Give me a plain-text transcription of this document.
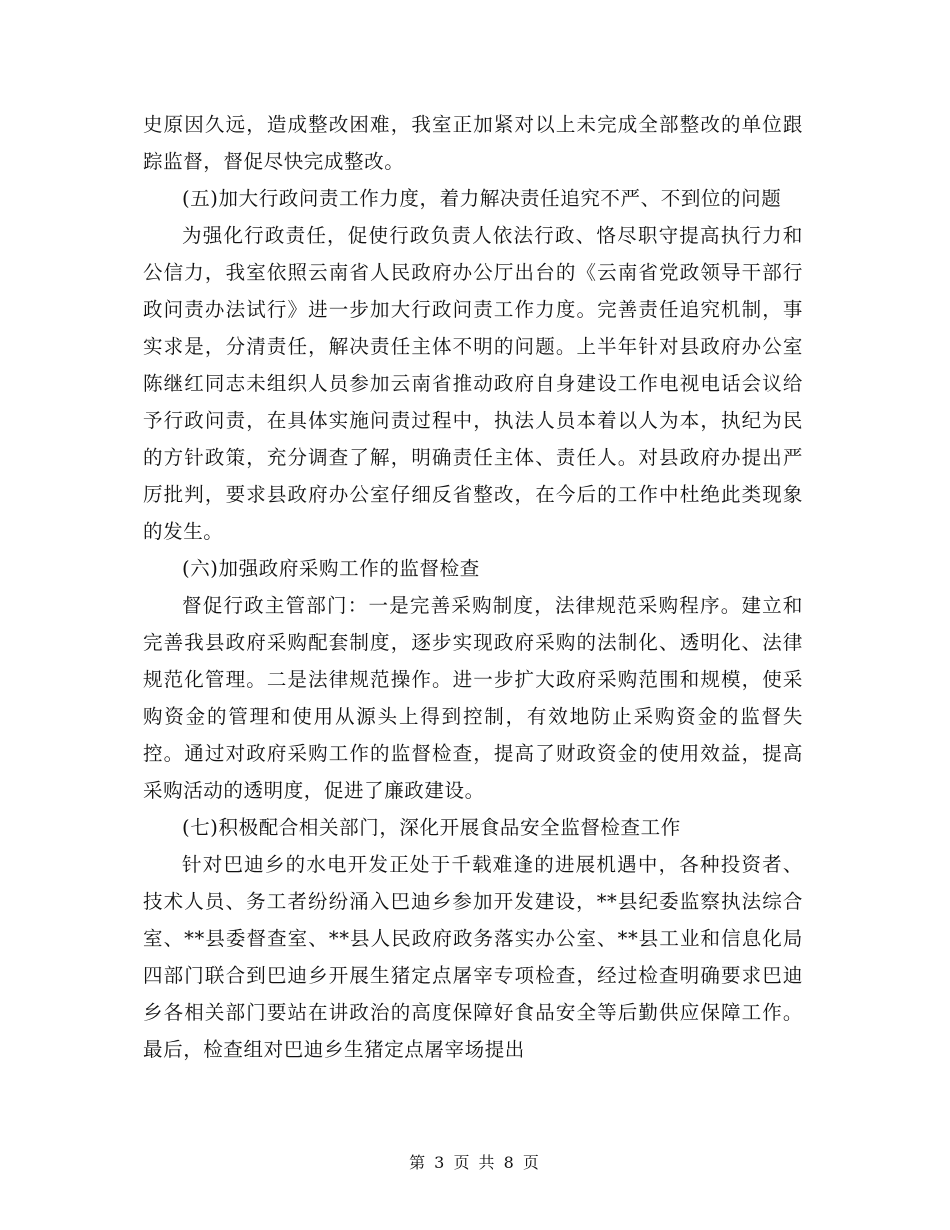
史原因久远，造成整改困难，我室正加紧对以上未完成全部整改的单位跟踪监督，督促尽快完成整改。

(五)加大行政问责工作力度，着力解决责任追究不严、不到位的问题

为强化行政责任，促使行政负责人依法行政、恪尽职守提高执行力和公信力，我室依照云南省人民政府办公厅出台的《云南省党政领导干部行政问责办法试行》进一步加大行政问责工作力度。完善责任追究机制，事实求是，分清责任，解决责任主体不明的问题。上半年针对县政府办公室陈继红同志未组织人员参加云南省推动政府自身建设工作电视电话会议给予行政问责，在具体实施问责过程中，执法人员本着以人为本，执纪为民的方针政策，充分调查了解，明确责任主体、责任人。对县政府办提出严厉批判，要求县政府办公室仔细反省整改，在今后的工作中杜绝此类现象的发生。

(六)加强政府采购工作的监督检查

督促行政主管部门：一是完善采购制度，法律规范采购程序。建立和完善我县政府采购配套制度，逐步实现政府采购的法制化、透明化、法律规范化管理。二是法律规范操作。进一步扩大政府采购范围和规模，使采购资金的管理和使用从源头上得到控制，有效地防止采购资金的监督失控。通过对政府采购工作的监督检查，提高了财政资金的使用效益，提高采购活动的透明度，促进了廉政建设。

(七)积极配合相关部门，深化开展食品安全监督检查工作

针对巴迪乡的水电开发正处于千载难逢的进展机遇中，各种投资者、技术人员、务工者纷纷涌入巴迪乡参加开发建设，**县纪委监察执法综合室、**县委督查室、**县人民政府政务落实办公室、**县工业和信息化局四部门联合到巴迪乡开展生猪定点屠宰专项检查，经过检查明确要求巴迪乡各相关部门要站在讲政治的高度保障好食品安全等后勤供应保障工作。最后，检查组对巴迪乡生猪定点屠宰场提出

第 3 页 共 8 页
